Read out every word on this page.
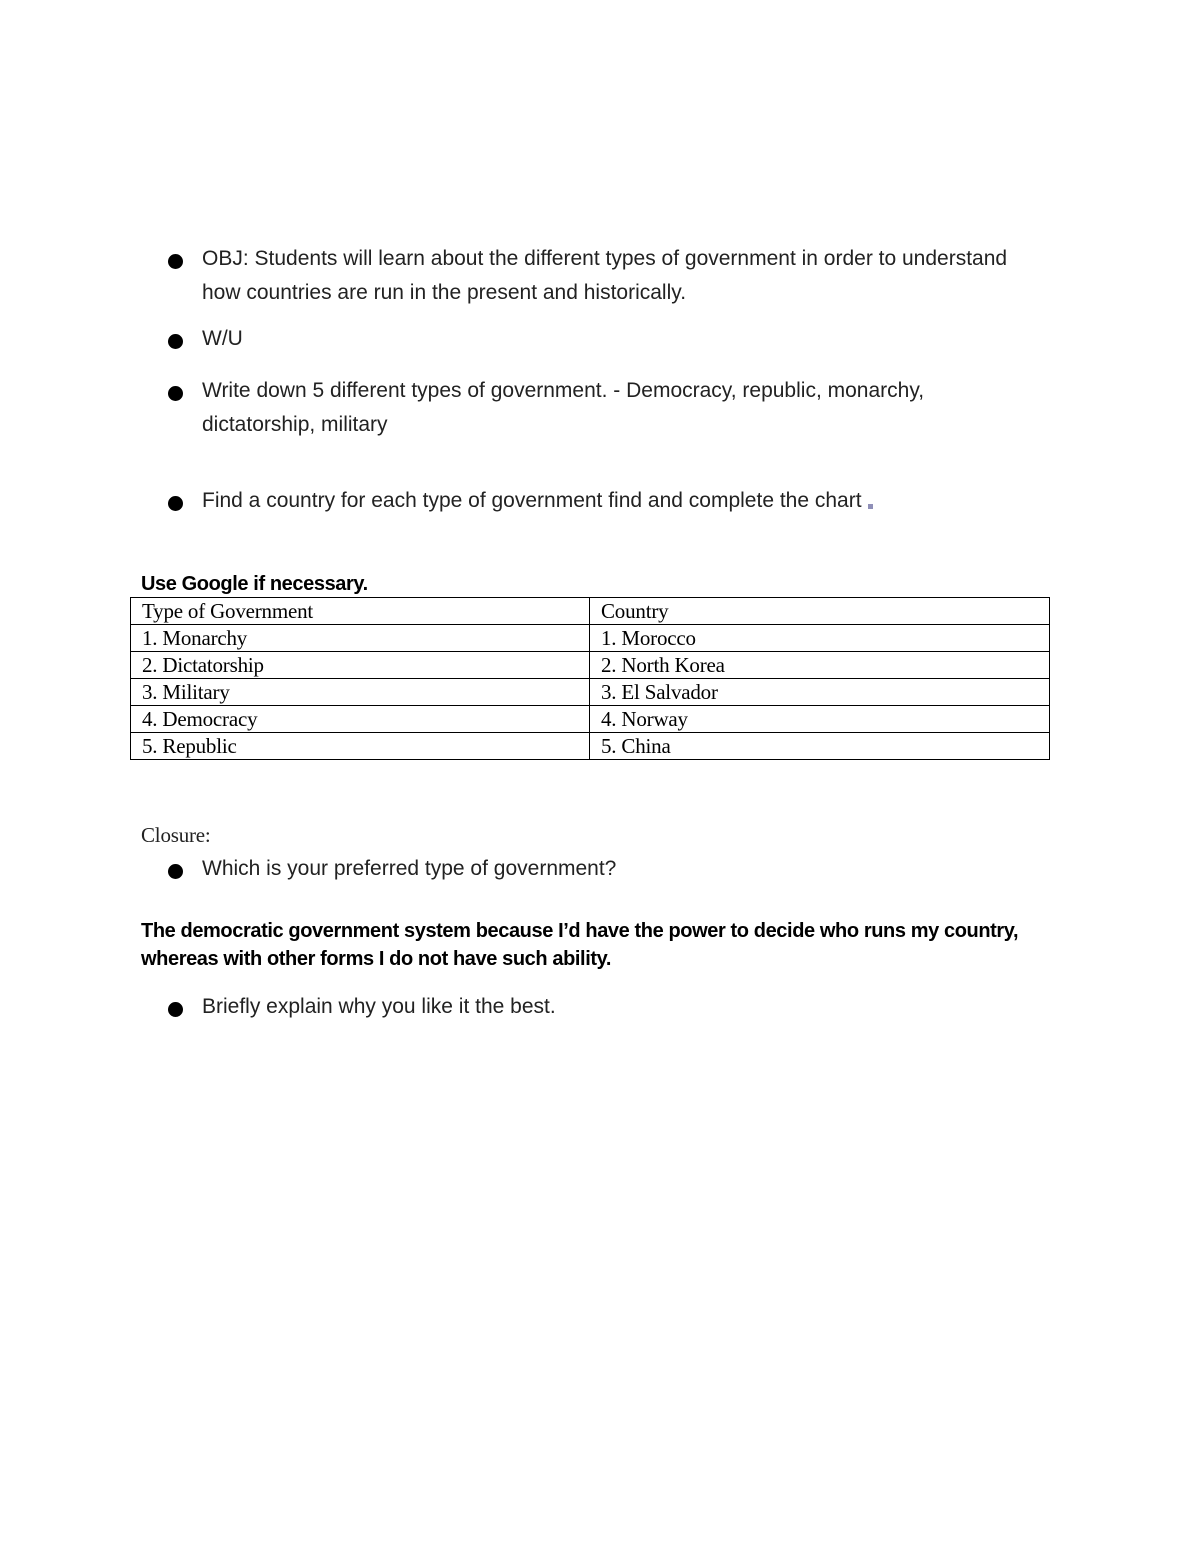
OBJ: Students will learn about the different types of government in order to understand how countries are run in the present and historically.
W/U
Write down 5 different types of government. - Democracy, republic, monarchy, dictatorship, military
Find a country for each type of government find and complete the chart
Use Google if necessary.
Type of Government	Country
1. Monarchy	1. Morocco
2. Dictatorship	2. North Korea
3. Military	3. El Salvador
4. Democracy	4. Norway
5. Republic	5. China
Closure:
Which is your preferred type of government?
The democratic government system because I’d have the power to decide who runs my country, whereas with other forms I do not have such ability.
Briefly explain why you like it the best.
